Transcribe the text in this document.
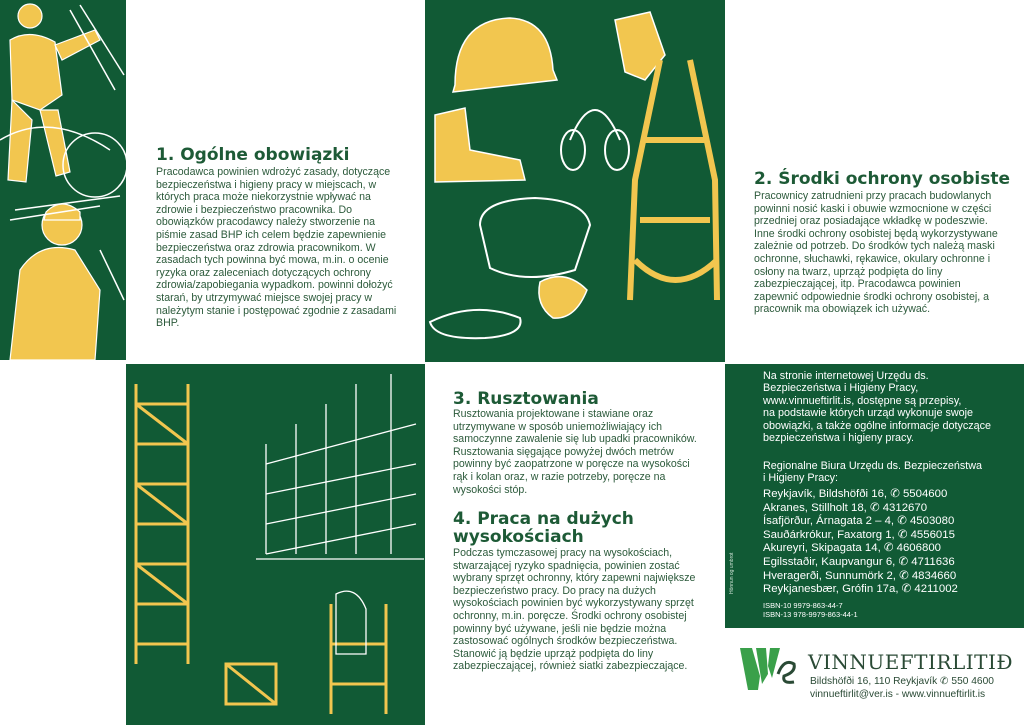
1. Ogólne obowiązki

Pracodawca powinien wdrożyć zasady, dotyczące bezpieczeństwa i higieny pracy w miejscach, w których praca może niekorzystnie wpływać na zdrowie i bezpieczeństwo pracownika. Do obowiązków pracodawcy należy stworzenie na piśmie zasad BHP ich celem będzie zapewnienie bezpieczeństwa oraz zdrowia pracownikom. W zasadach tych powinna być mowa, m.in. o ocenie ryzyka oraz zaleceniach dotyczących ochrony zdrowia/zapobiegania wypadkom. powinni dołożyć starań, by utrzymywać miejsce swojej pracy w należytym stanie i postępować zgodnie z zasadami BHP.

2. Środki ochrony osobiste

Pracownicy zatrudnieni przy pracach budowlanych powinni nosić kaski i obuwie wzmocnione w części przedniej oraz posiadające wkładkę w podeszwie. Inne środki ochrony osobistej będą wykorzystywane zależnie od potrzeb. Do środków tych należą maski ochronne, słuchawki, rękawice, okulary ochronne i osłony na twarz, uprząż podpięta do liny zabezpieczającej, itp. Pracodawca powinien zapewnić odpowiednie środki ochrony osobistej, a pracownik ma obowiązek ich używać.

3. Rusztowania

Rusztowania projektowane i stawiane oraz utrzymywane w sposób uniemożliwiający ich samoczynne zawalenie się lub upadki pracowników. Rusztowania sięgające powyżej dwóch metrów powinny być zaopatrzone w poręcze na wysokości rąk i kolan oraz, w razie potrzeby, poręcze na wysokości stóp.

4. Praca na dużych wysokościach

Podczas tymczasowej pracy na wysokościach, stwarzającej ryzyko spadnięcia, powinien zostać wybrany sprzęt ochronny, który zapewni największe bezpieczeństwo pracy. Do pracy na dużych wysokościach powinien być wykorzystywany sprzęt ochronny, m.in. poręcze. Środki ochrony osobistej powinny być używane, jeśli nie będzie można zastosować ogólnych środków bezpieczeństwa. Stanowić ją będzie uprząż podpięta do liny zabezpieczającej, również siatki zabezpieczające.

Na stronie internetowej Urzędu ds.
Bezpieczeństwa i Higieny Pracy,
www.vinnueftirlit.is, dostępne są przepisy,
na podstawie których urząd wykonuje swoje
obowiązki, a także ogólne informacje dotyczące
bezpieczeństwa i higieny pracy.
Regionalne Biura Urzędu ds. Bezpieczeństwa
i Higieny Pracy:
Reykjavík, Bildshöfði 16, ✆ 5504600
Akranes, Stillholt 18, ✆ 4312670
Ísafjörður, Árnagata 2 – 4, ✆ 4503080
Sauðárkrókur, Faxatorg 1, ✆ 4556015
Akureyri, Skipagata 14, ✆ 4606800
Egilsstaðir, Kaupvangur 6, ✆ 4711636
Hveragerði, Sunnumörk 2, ✆ 4834660
Reykjanesbær, Grófin 17a, ✆ 4211002
ISBN-10 9979-863-44-7
ISBN-13 978-9979-863-44-1
Hönnun og umbrot
VINNUEFTIRLITIÐ
Bildshöfði 16, 110 Reykjavík ✆ 550 4600
vinnueftirlit@ver.is - www.vinnueftirlit.is
